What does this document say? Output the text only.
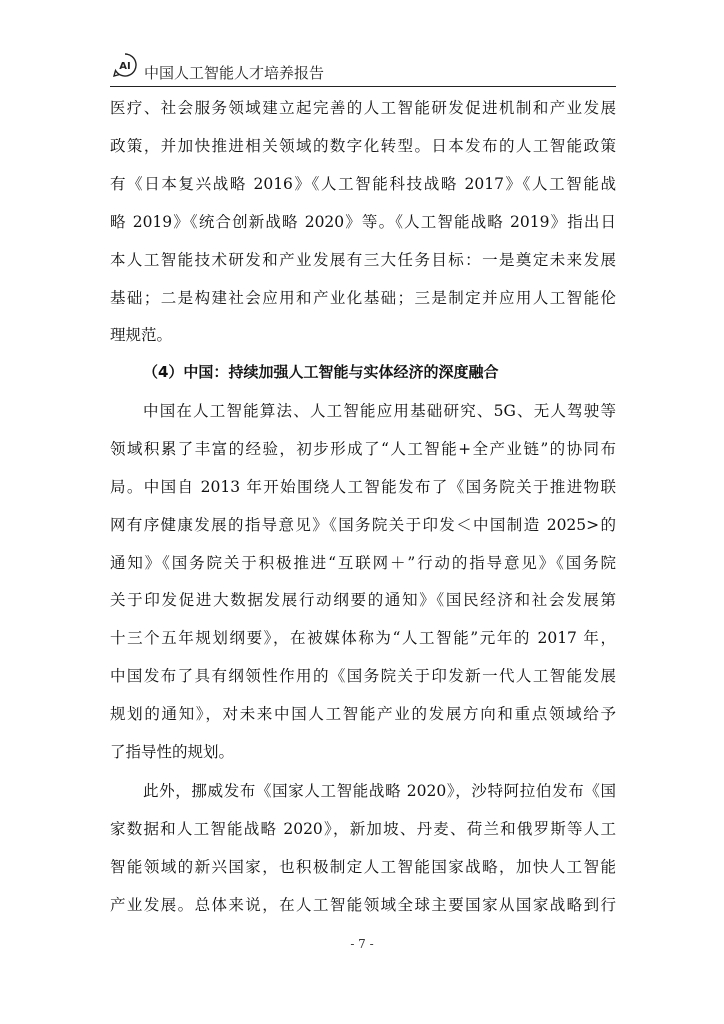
AI 中国人工智能人才培养报告
医疗、社会服务领域建立起完善的人工智能研发促进机制和产业发展
政策，并加快推进相关领域的数字化转型。日本发布的人工智能政策
有《日本复兴战略 2016》《人工智能科技战略 2017》《人工智能战
略 2019》《统合创新战略 2020》等。《人工智能战略 2019》指出日
本人工智能技术研发和产业发展有三大任务目标：一是奠定未来发展
基础；二是构建社会应用和产业化基础；三是制定并应用人工智能伦
理规范。
（4）中国：持续加强人工智能与实体经济的深度融合
中国在人工智能算法、人工智能应用基础研究、5G、无人驾驶等
领域积累了丰富的经验，初步形成了“人工智能+全产业链”的协同布
局。中国自 2013 年开始围绕人工智能发布了《国务院关于推进物联
网有序健康发展的指导意见》《国务院关于印发＜中国制造 2025>的
通知》《国务院关于积极推进“互联网＋”行动的指导意见》《国务院
关于印发促进大数据发展行动纲要的通知》《国民经济和社会发展第
十三个五年规划纲要》，在被媒体称为“人工智能”元年的 2017 年，
中国发布了具有纲领性作用的《国务院关于印发新一代人工智能发展
规划的通知》，对未来中国人工智能产业的发展方向和重点领域给予
了指导性的规划。
此外，挪威发布《国家人工智能战略 2020》，沙特阿拉伯发布《国
家数据和人工智能战略 2020》，新加坡、丹麦、荷兰和俄罗斯等人工
智能领域的新兴国家，也积极制定人工智能国家战略，加快人工智能
产业发展。总体来说，在人工智能领域全球主要国家从国家战略到行
- 7 -
